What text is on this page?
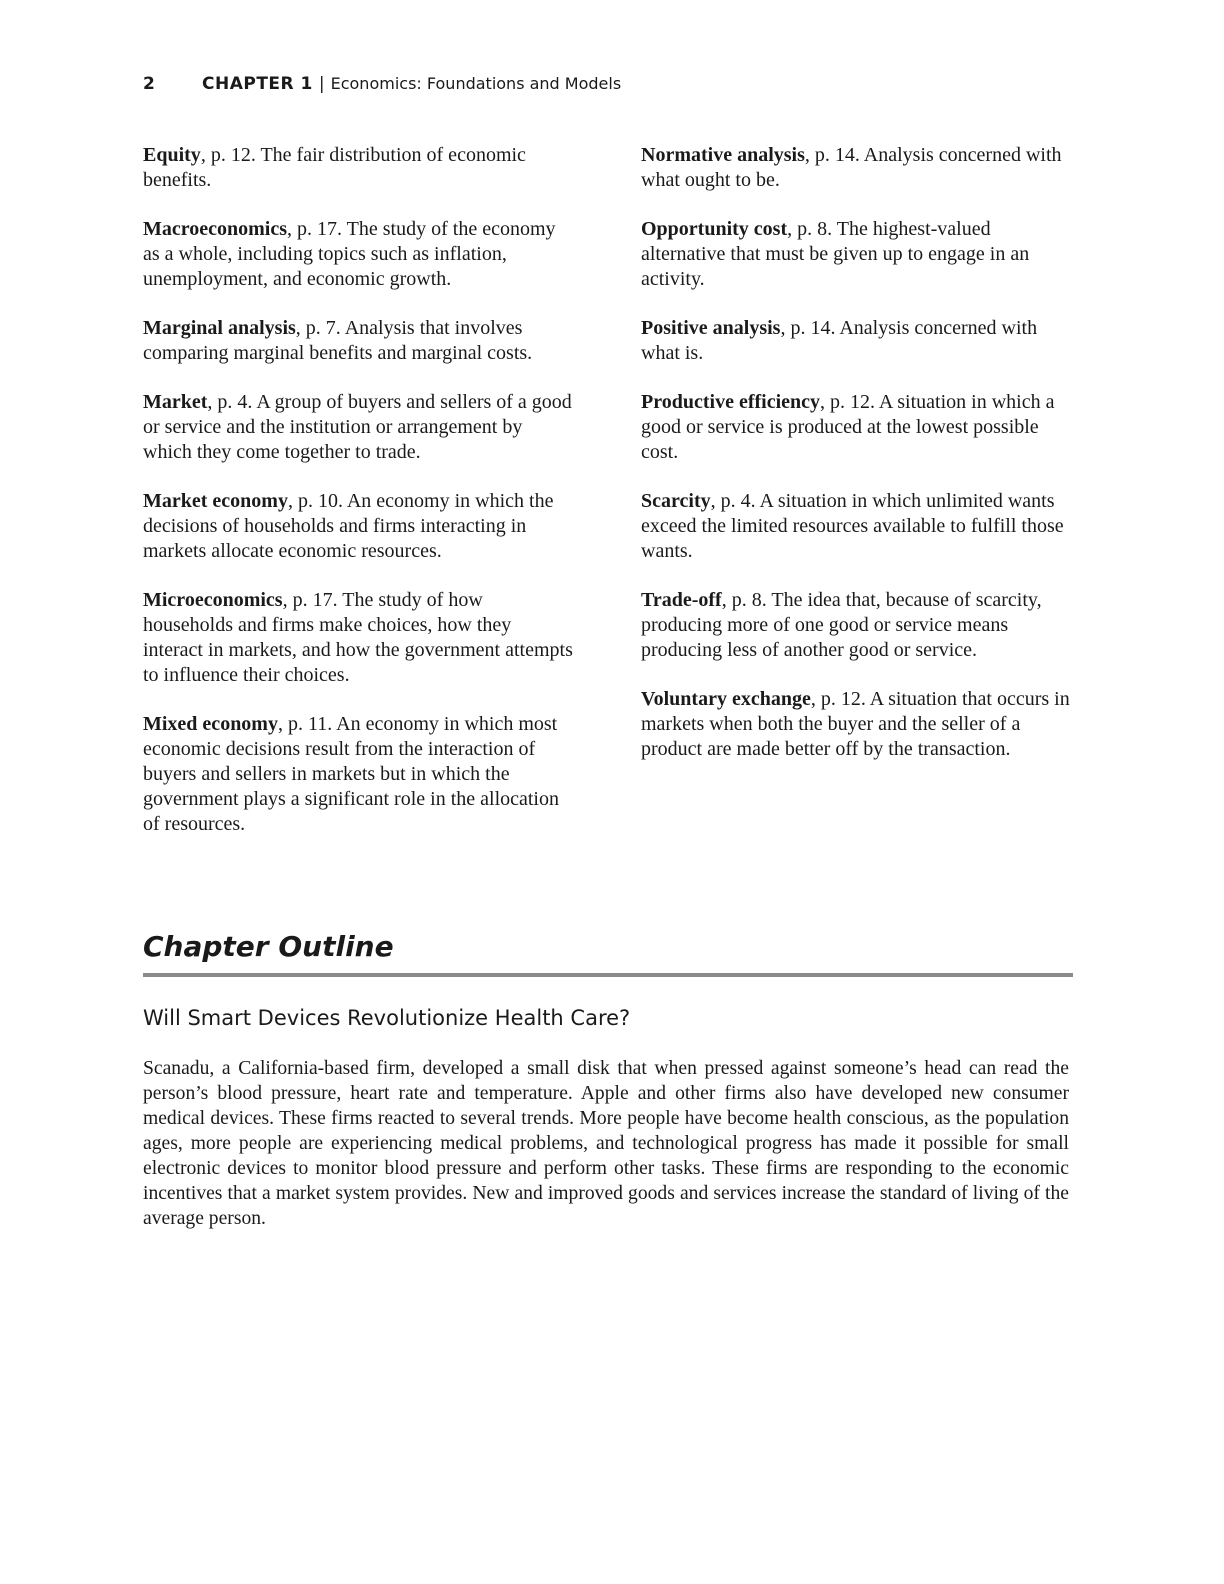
2	CHAPTER 1 | Economics: Foundations and Models

Equity, p. 12. The fair distribution of economic benefits.

Macroeconomics, p. 17. The study of the economy as a whole, including topics such as inflation, unemployment, and economic growth.

Marginal analysis, p. 7. Analysis that involves comparing marginal benefits and marginal costs.

Market, p. 4. A group of buyers and sellers of a good or service and the institution or arrangement by which they come together to trade.

Market economy, p. 10. An economy in which the decisions of households and firms interacting in markets allocate economic resources.

Microeconomics, p. 17. The study of how households and firms make choices, how they interact in markets, and how the government attempts to influence their choices.

Mixed economy, p. 11. An economy in which most economic decisions result from the interaction of buyers and sellers in markets but in which the government plays a significant role in the allocation of resources.

Normative analysis, p. 14. Analysis concerned with what ought to be.

Opportunity cost, p. 8. The highest-valued alternative that must be given up to engage in an activity.

Positive analysis, p. 14. Analysis concerned with what is.

Productive efficiency, p. 12. A situation in which a good or service is produced at the lowest possible cost.

Scarcity, p. 4. A situation in which unlimited wants exceed the limited resources available to fulfill those wants.

Trade-off, p. 8. The idea that, because of scarcity, producing more of one good or service means producing less of another good or service.

Voluntary exchange, p. 12. A situation that occurs in markets when both the buyer and the seller of a product are made better off by the transaction.

Chapter Outline
Will Smart Devices Revolutionize Health Care?

Scanadu, a California-based firm, developed a small disk that when pressed against someone’s head can read the person’s blood pressure, heart rate and temperature. Apple and other firms also have developed new consumer medical devices. These firms reacted to several trends. More people have become health conscious, as the population ages, more people are experiencing medical problems, and technological progress has made it possible for small electronic devices to monitor blood pressure and perform other tasks. These firms are responding to the economic incentives that a market system provides. New and improved goods and services increase the standard of living of the average person.
